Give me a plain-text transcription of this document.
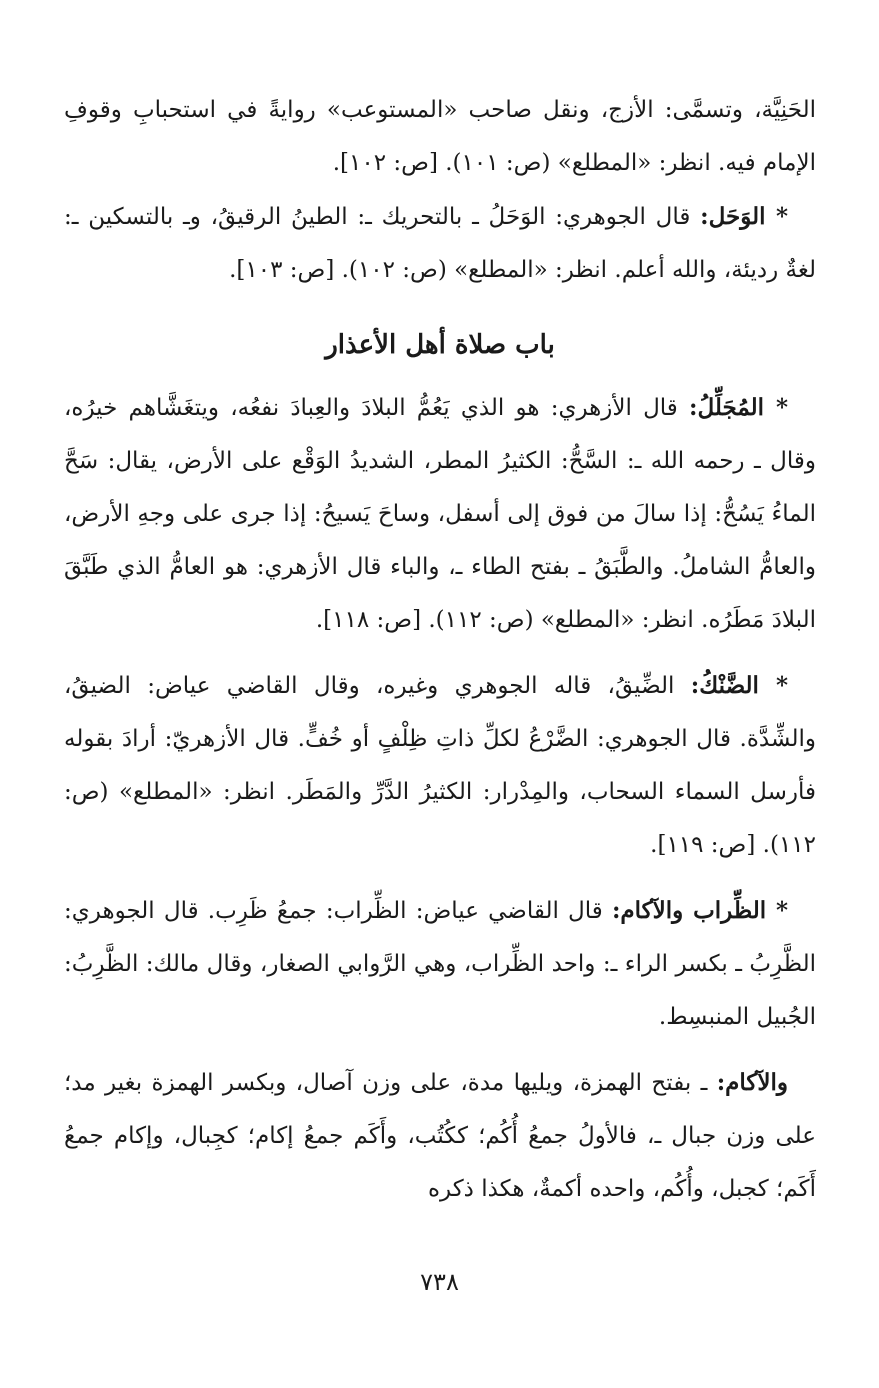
الحَنِيَّة، وتسمَّى: الأزج، ونقل صاحب «المستوعب» روايةً في استحبابِ وقوفِ الإمام فيه. انظر: «المطلع» (ص: ١٠١). [ص: ١٠٢].

* الوَحَل: قال الجوهري: الوَحَلُ ـ بالتحريك ـ: الطينُ الرقيقُ، وـ بالتسكين ـ: لغةٌ رديئة، والله أعلم. انظر: «المطلع» (ص: ١٠٢). [ص: ١٠٣].

باب صلاة أهل الأعذار

* المُجَلِّلُ: قال الأزهري: هو الذي يَعُمُّ البلادَ والعِبادَ نفعُه، ويتغَشَّاهم خيرُه، وقال ـ رحمه الله ـ: السَّحُّ: الكثيرُ المطر، الشديدُ الوَقْع على الأرض، يقال: سَحَّ الماءُ يَسُحُّ: إذا سالَ من فوق إلى أسفل، وساحَ يَسيحُ: إذا جرى على وجهِ الأرض، والعامُّ الشاملُ. والطَّبَقُ ـ بفتح الطاء ـ، والباء قال الأزهري: هو العامُّ الذي طَبَّقَ البلادَ مَطَرُه. انظر: «المطلع» (ص: ١١٢). [ص: ١١٨].

* الضَّنْكُ: الضِّيقُ، قاله الجوهري وغيره، وقال القاضي عياض: الضيقُ، والشِّدَّة. قال الجوهري: الضَّرْعُ لكلِّ ذاتِ ظِلْفٍ أو خُفٍّ. قال الأزهريّ: أرادَ بقوله فأرسل السماء السحاب، والمِدْرار: الكثيرُ الدَّرِّ والمَطَر. انظر: «المطلع» (ص: ١١٢). [ص: ١١٩].

* الظِّراب والآكام: قال القاضي عياض: الظِّراب: جمعُ ظَرِب. قال الجوهري: الظَّرِبُ ـ بكسر الراء ـ: واحد الظِّراب، وهي الرَّوابي الصغار، وقال مالك: الظَّرِبُ: الجُبيل المنبسِط.

والآكام: ـ بفتح الهمزة، ويليها مدة، على وزن آصال، وبكسر الهمزة بغير مد؛ على وزن جبال ـ، فالأولُ جمعُ أُكُم؛ ككُتُب، وأَكَم جمعُ إكام؛ كجِبال، وإكام جمعُ أَكَم؛ كجبل، وأُكُم، واحده أكمةٌ، هكذا ذكره

٧٣٨
